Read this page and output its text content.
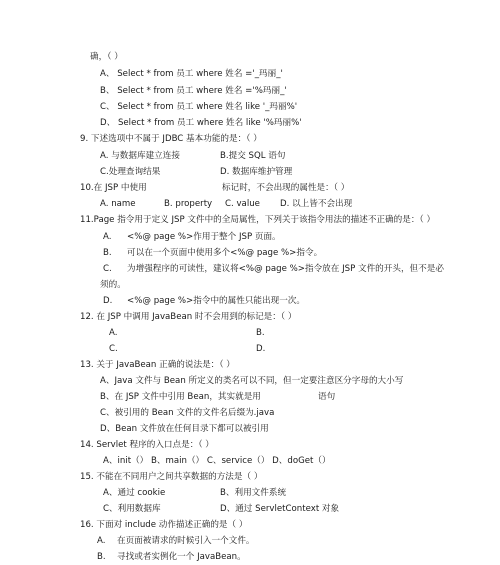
确，（ ）
A、 Select * from 员工 where 姓名 ='_玛丽_'
B、 Select * from 员工 where 姓名 ='%玛丽_'
C、 Select * from 员工 where 姓名 like '_玛丽%'
D、 Select * from 员工 where 姓名 like '%玛丽%'
9. 下述选项中不属于 JDBC 基本功能的是：（ ）
A. 与数据库建立连接	B.提交 SQL 语句
C.处理查询结果	D. 数据库维护管理
10.在 JSP 中使用	标记时，不会出现的属性是：（ ）
A. name	B. property C. value D. 以上皆不会出现
11.Page 指令用于定义 JSP 文件中的全局属性，下列关于该指令用法的描述不正确的是：（ ）
A. <%@ page %>作用于整个 JSP 页面。
B. 可以在一个页面中使用多个<%@ page %>指令。
C. 为增强程序的可读性，建议将<%@ page %>指令放在 JSP 文件的开头，但不是必
须的。
D. <%@ page %>指令中的属性只能出现一次。
12. 在 JSP 中调用 JavaBean 时不会用到的标记是：（ ）
A.	B.
C.	D.
13. 关于 JavaBean 正确的说法是：（ ）
A、Java 文件与 Bean 所定义的类名可以不同，但一定要注意区分字母的大小写
B、在 JSP 文件中引用 Bean，其实就是用	语句
C、被引用的 Bean 文件的文件名后缀为.java
D、Bean 文件放在任何目录下都可以被引用
14. Servlet 程序的入口点是：（ ）
A、init（） B、main（） C、service（） D、doGet（）
15. 不能在不同用户之间共享数据的方法是（ ）
A、通过 cookie	B、利用文件系统
C、利用数据库	D、通过 ServletContext 对象
16. 下面对 include 动作描述正确的是（ ）
A. 在页面被请求的时候引入一个文件。
B. 寻找或者实例化一个 JavaBean。
